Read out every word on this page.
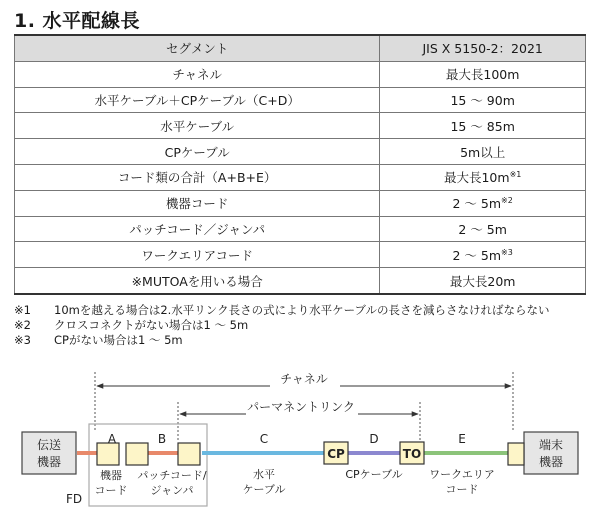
1. 水平配線長
セグメント	JIS X 5150-2：2021
チャネル	最大長100m
水平ケーブル＋CPケーブル（C+D）	15 〜 90m
水平ケーブル	15 〜 85m
CPケーブル	5m以上
コード類の合計（A+B+E）	最大長$10m^{※1}$
機器コード	2 〜 $5m^{※2}$
パッチコード／ジャンパ	2 〜 5m
ワークエリアコード	2 〜 $5m^{※3}$
※MUTOAを用いる場合	最大長20m
※1	10mを越える場合は2.水平リンク長さの式により水平ケーブルの長さを減らさなければならない
※2	クロスコネクトがない場合は1 〜 5m
※3	CPがない場合は1 〜 5m
チャネル
パーマネントリンク
FD
伝送
機器
端末
機器
CP	TO
A	B	C	D	E
機器
コード
パッチコード/
ジャンパ
水平
ケーブル
CPケーブル ワークエリア
コード
